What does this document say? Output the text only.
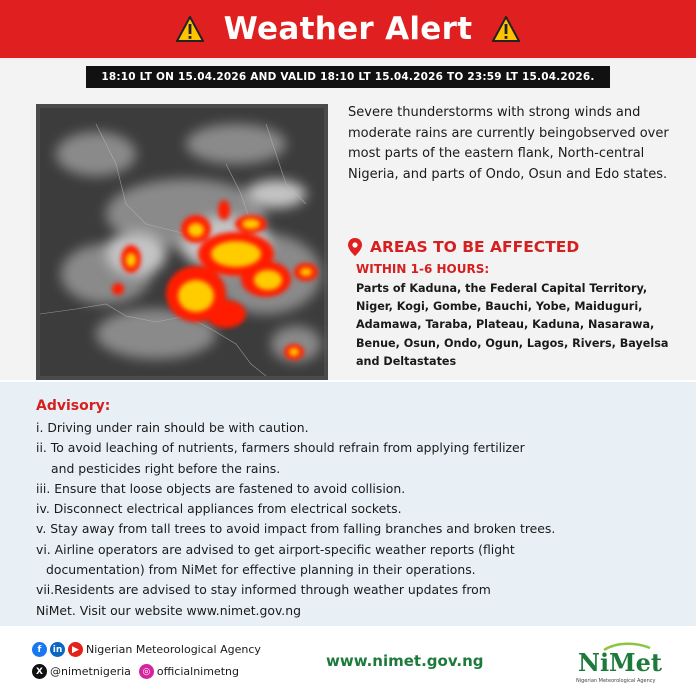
Weather Alert
18:10 LT ON 15.04.2026 AND VALID 18:10 LT 15.04.2026 TO 23:59 LT 15.04.2026.
Severe thunderstorms with strong winds and moderate rains are currently beingobserved over most parts of the eastern flank, North-central Nigeria, and parts of Ondo, Osun and Edo states.
AREAS TO BE AFFECTED
WITHIN 1-6 HOURS:
Parts of Kaduna, the Federal Capital Territory, Niger, Kogi, Gombe, Bauchi, Yobe, Maiduguri, Adamawa, Taraba, Plateau, Kaduna, Nasarawa, Benue, Osun, Ondo, Ogun, Lagos, Rivers, Bayelsa and Deltastates
Advisory:
i. Driving under rain should be with caution.
ii. To avoid leaching of nutrients, farmers should refrain from applying fertilizer
and pesticides right before the rains.
iii. Ensure that loose objects are fastened to avoid collision.
iv. Disconnect electrical appliances from electrical sockets.
v. Stay away from tall trees to avoid impact from falling branches and broken trees.
vi. Airline operators are advised to get airport-specific weather reports (flight
documentation) from NiMet for effective planning in their operations.
vii.Residents are advised to stay informed through weather updates from
NiMet. Visit our website www.nimet.gov.ng
f	in	▶ Nigerian Meteorological Agency
X @nimetnigeria	◎ officialnimetng
www.nimet.gov.ng	NiMet
Nigerian Meteorological Agency
